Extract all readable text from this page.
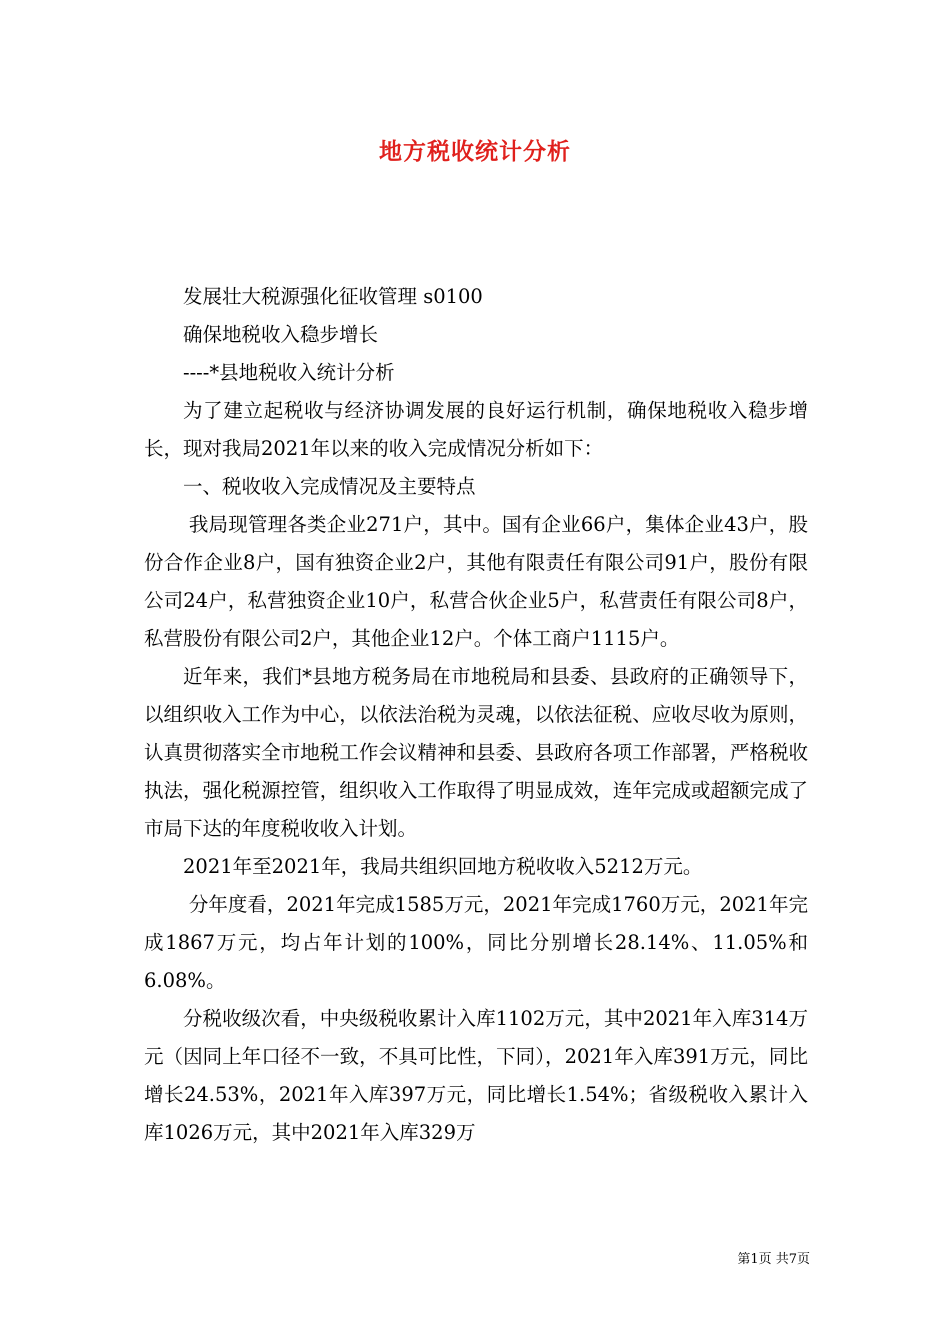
地方税收统计分析

发展壮大税源强化征收管理 s0100

确保地税收入稳步增长

----*县地税收入统计分析

为了建立起税收与经济协调发展的良好运行机制，确保地税收入稳步增长，现对我局2021年以来的收入完成情况分析如下：

一、税收收入完成情况及主要特点

我局现管理各类企业271户，其中。国有企业66户，集体企业43户，股份合作企业8户，国有独资企业2户，其他有限责任有限公司91户，股份有限公司24户，私营独资企业10户，私营合伙企业5户，私营责任有限公司8户，私营股份有限公司2户，其他企业12户。个体工商户1115户。

近年来，我们*县地方税务局在市地税局和县委、县政府的正确领导下，以组织收入工作为中心，以依法治税为灵魂，以依法征税、应收尽收为原则，认真贯彻落实全市地税工作会议精神和县委、县政府各项工作部署，严格税收执法，强化税源控管，组织收入工作取得了明显成效，连年完成或超额完成了市局下达的年度税收收入计划。

2021年至2021年，我局共组织回地方税收收入5212万元。

分年度看，2021年完成1585万元，2021年完成1760万元，2021年完成1867万元，均占年计划的100%，同比分别增长28.14%、11.05%和6.08%。

分税收级次看，中央级税收累计入库1102万元，其中2021年入库314万元（因同上年口径不一致，不具可比性，下同），2021年入库391万元，同比增长24.53%，2021年入库397万元，同比增长1.54%；省级税收入累计入库1026万元，其中2021年入库329万

第1页 共7页
